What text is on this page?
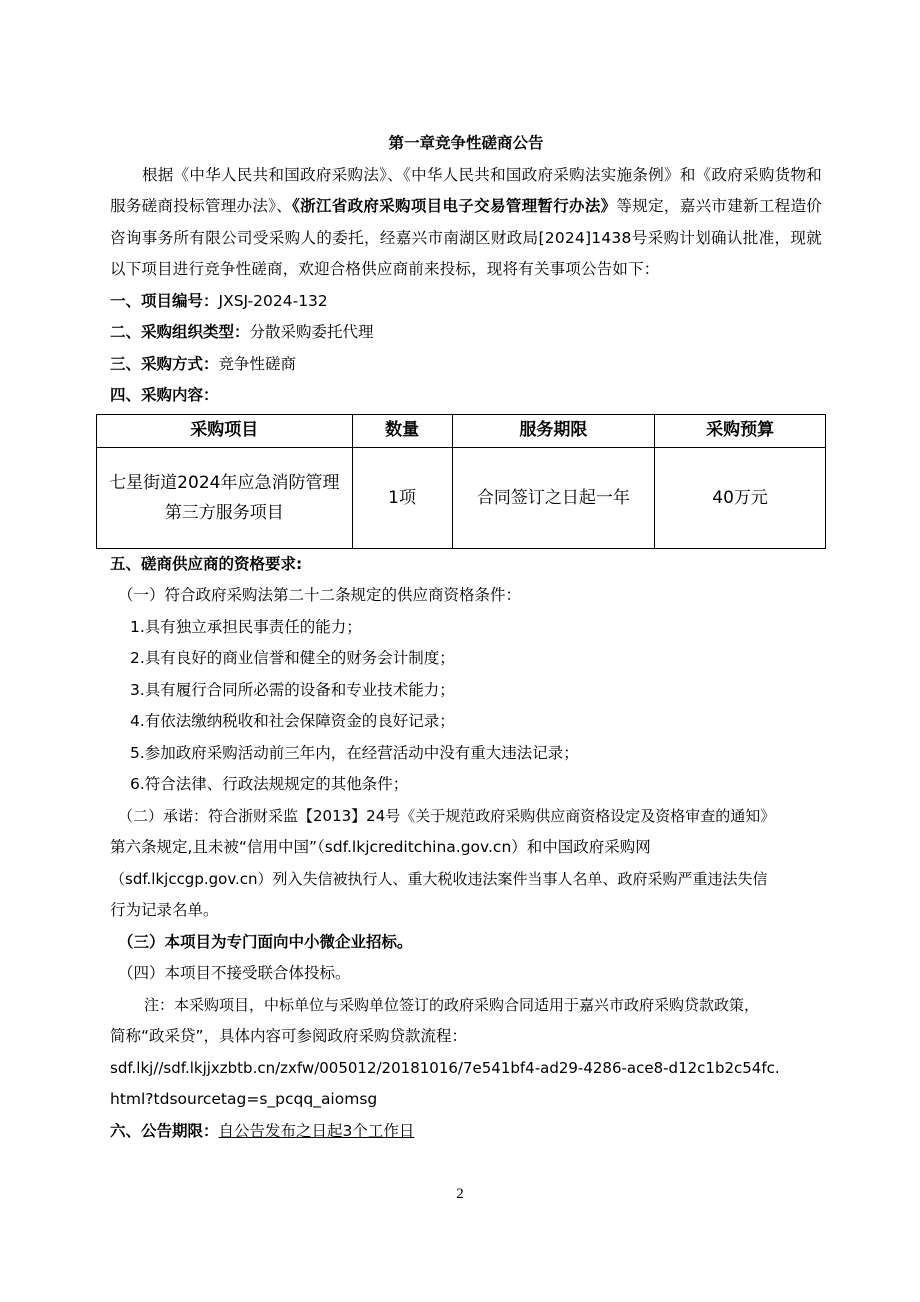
第一章竞争性磋商公告
根据《中华人民共和国政府采购法》、《中华人民共和国政府采购法实施条例》和《政府采购货物和服务磋商投标管理办法》、《浙江省政府采购项目电子交易管理暂行办法》等规定，嘉兴市建新工程造价咨询事务所有限公司受采购人的委托，经嘉兴市南湖区财政局[2024]1438号采购计划确认批准，现就以下项目进行竞争性磋商，欢迎合格供应商前来投标，现将有关事项公告如下：
一、项目编号：JXSJ-2024-132
二、采购组织类型：分散采购委托代理
三、采购方式：竞争性磋商
四、采购内容：
采购项目	数量	服务期限	采购预算
七星街道2024年应急消防管理第三方服务项目	1项	合同签订之日起一年	40万元
五、磋商供应商的资格要求:
（一）符合政府采购法第二十二条规定的供应商资格条件：
1.具有独立承担民事责任的能力；
2.具有良好的商业信誉和健全的财务会计制度；
3.具有履行合同所必需的设备和专业技术能力；
4.有依法缴纳税收和社会保障资金的良好记录；
5.参加政府采购活动前三年内，在经营活动中没有重大违法记录；
6.符合法律、行政法规规定的其他条件；
（二）承诺：符合浙财采监【2013】24号《关于规范政府采购供应商资格设定及资格审查的通知》
第六条规定,且未被“信用中国”（sdf.lkjcreditchina.gov.cn）和中国政府采购网
（sdf.lkjccgp.gov.cn）列入失信被执行人、重大税收违法案件当事人名单、政府采购严重违法失信
行为记录名单。
（三）本项目为专门面向中小微企业招标。
（四）本项目不接受联合体投标。
注：本采购项目，中标单位与采购单位签订的政府采购合同适用于嘉兴市政府采购贷款政策，
简称“政采贷”，具体内容可参阅政府采购贷款流程：
sdf.lkj//sdf.lkjjxzbtb.cn/zxfw/005012/20181016/7e541bf4-ad29-4286-ace8-d12c1b2c54fc.
html?tdsourcetag=s_pcqq_aiomsg
六、公告期限：自公告发布之日起3个工作日
2
